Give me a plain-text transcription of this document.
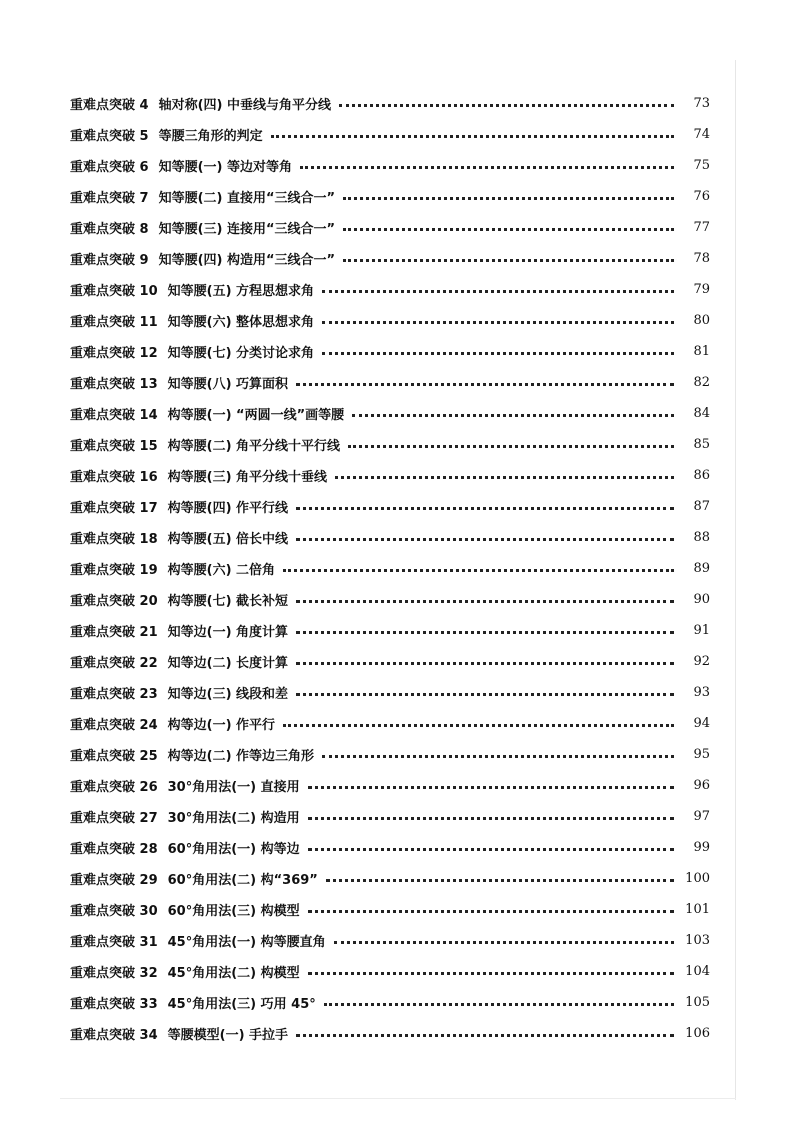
重难点突破 4 轴对称(四) 中垂线与角平分线	73
重难点突破 5 等腰三角形的判定	74
重难点突破 6 知等腰(一) 等边对等角	75
重难点突破 7 知等腰(二) 直接用“三线合一”	76
重难点突破 8 知等腰(三) 连接用“三线合一”	77
重难点突破 9 知等腰(四) 构造用“三线合一”	78
重难点突破 10 知等腰(五) 方程思想求角	79
重难点突破 11 知等腰(六) 整体思想求角	80
重难点突破 12 知等腰(七) 分类讨论求角	81
重难点突破 13 知等腰(八) 巧算面积	82
重难点突破 14 构等腰(一) “两圆一线”画等腰	84
重难点突破 15 构等腰(二) 角平分线十平行线	85
重难点突破 16 构等腰(三) 角平分线十垂线	86
重难点突破 17 构等腰(四) 作平行线	87
重难点突破 18 构等腰(五) 倍长中线	88
重难点突破 19 构等腰(六) 二倍角	89
重难点突破 20 构等腰(七) 截长补短	90
重难点突破 21 知等边(一) 角度计算	91
重难点突破 22 知等边(二) 长度计算	92
重难点突破 23 知等边(三) 线段和差	93
重难点突破 24 构等边(一) 作平行	94
重难点突破 25 构等边(二) 作等边三角形	95
重难点突破 26 30°角用法(一) 直接用	96
重难点突破 27 30°角用法(二) 构造用	97
重难点突破 28 60°角用法(一) 构等边	99
重难点突破 29 60°角用法(二) 构“369”	100
重难点突破 30 60°角用法(三) 构模型	101
重难点突破 31 45°角用法(一) 构等腰直角	103
重难点突破 32 45°角用法(二) 构模型	104
重难点突破 33 45°角用法(三) 巧用 45°	105
重难点突破 34 等腰模型(一) 手拉手	106
